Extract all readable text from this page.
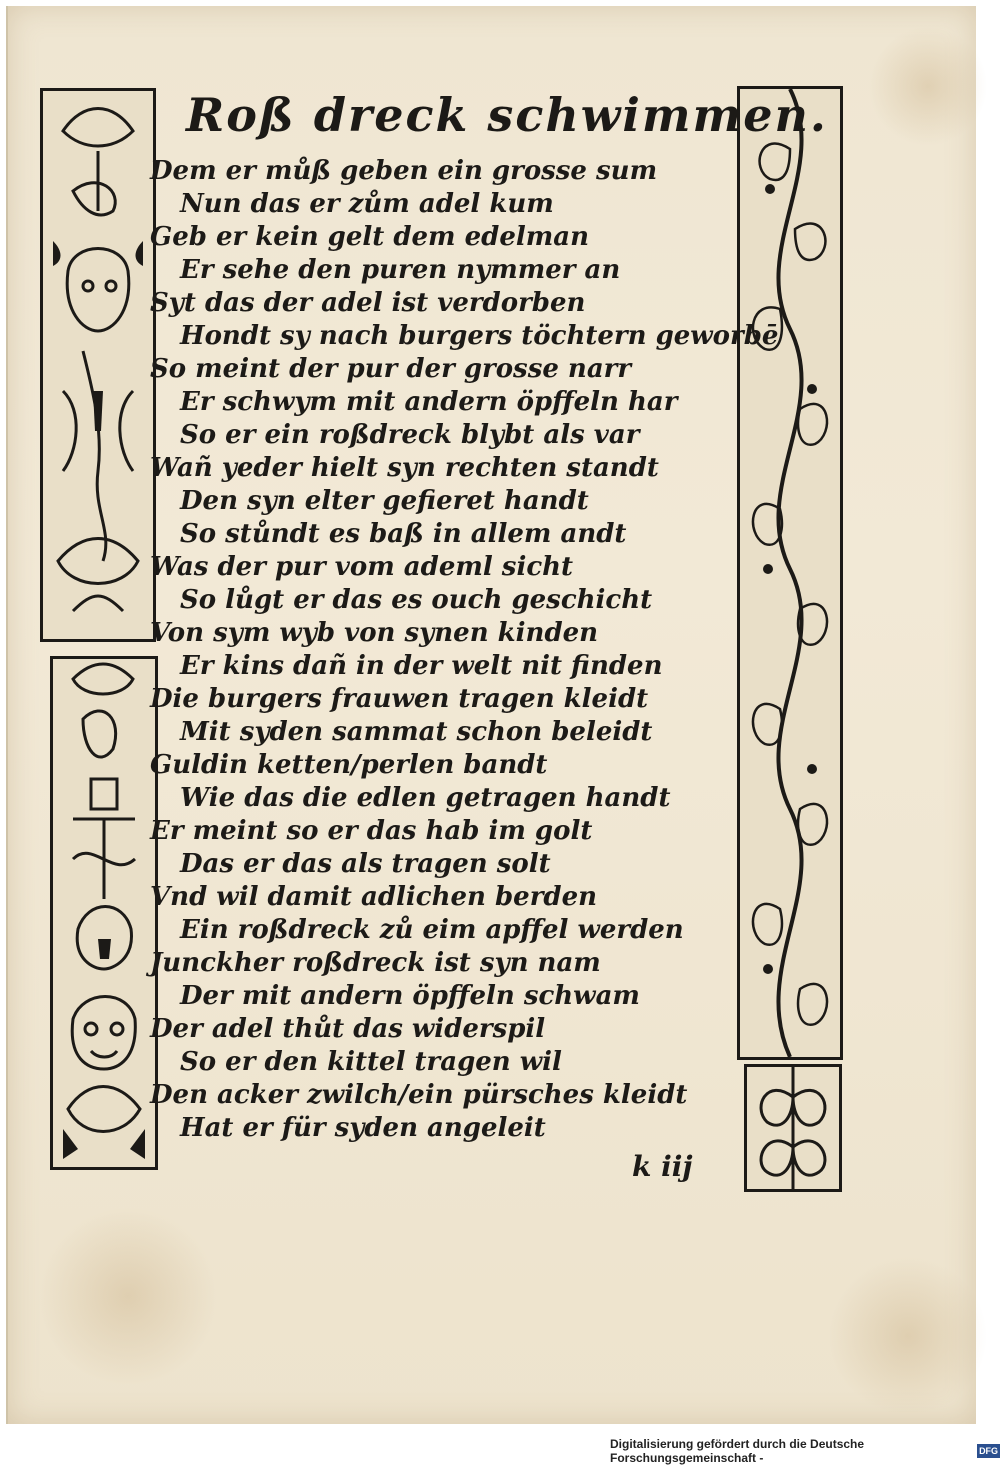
Roß dreck schwimmen.
Dem er můß geben ein grosse sum
Nun das er zům adel kum
Geb er kein gelt dem edelman
Er sehe den puren nymmer an
Syt das der adel ist verdorben
Hondt sy nach burgers töchtern geworbē
So meint der pur der grosse narr
Er schwym mit andern öpffeln har
So er ein roßdreck blybt als var
Wañ yeder hielt syn rechten standt
Den syn elter gefieret handt
So stůndt es baß in allem andt
Was der pur vom ademl sicht
So lůgt er das es ouch geschicht
Von sym wyb von synen kinden
Er kins dañ in der welt nit finden
Die burgers frauwen tragen kleidt
Mit syden sammat schon beleidt
Guldin ketten/perlen bandt
Wie das die edlen getragen handt
Er meint so er das hab im golt
Das er das als tragen solt
Vnd wil damit adlichen berden
Ein roßdreck zů eim apffel werden
Junckher roßdreck ist syn nam
Der mit andern öpffeln schwam
Der adel thůt das widerspil
So er den kittel tragen wil
Den acker zwilch/ein pürsches kleidt
Hat er für syden angeleit
k iij
Digitalisierung gefördert durch die Deutsche Forschungsgemeinschaft -	DFG
